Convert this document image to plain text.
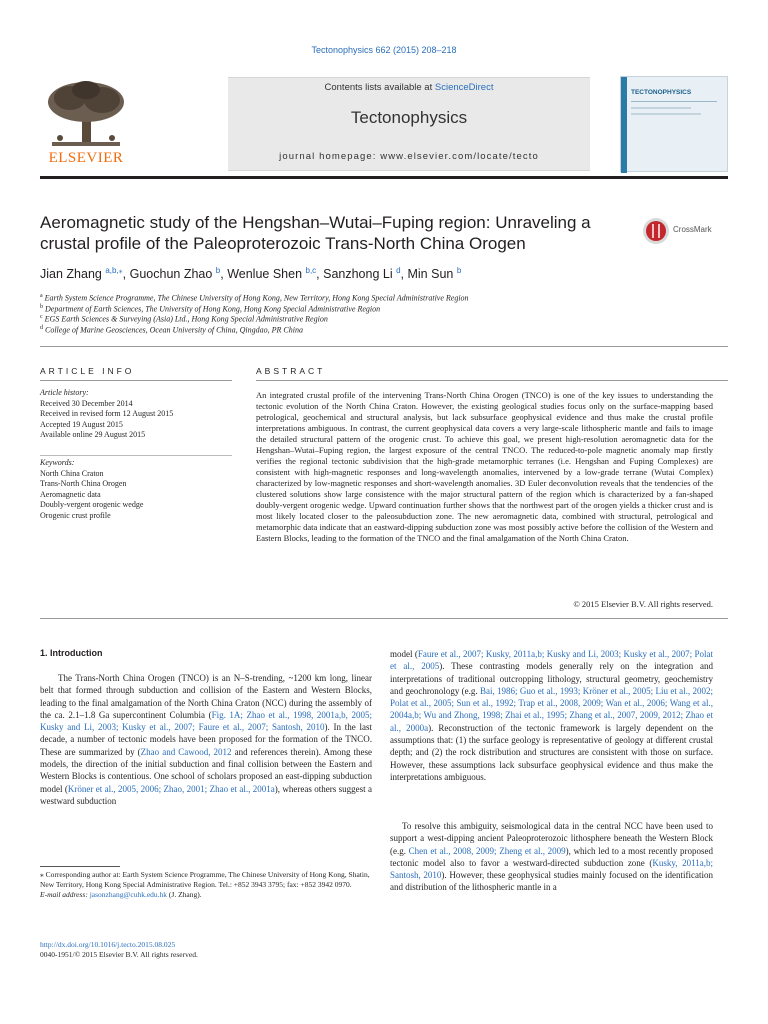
Tectonophysics 662 (2015) 208–218
ELSEVIER
Contents lists available at ScienceDirect
Tectonophysics
journal homepage: www.elsevier.com/locate/tecto
TECTONOPHYSICS
Aeromagnetic study of the Hengshan–Wutai–Fuping region: Unraveling a crustal profile of the Paleoproterozoic Trans-North China Orogen
CrossMark
Jian Zhang $^{a,b,⁎}$, Guochun Zhao $^b$, Wenlue Shen $^{b,c}$, Sanzhong Li $^d$, Min Sun $^b$
$^a$ Earth System Science Programme, The Chinese University of Hong Kong, New Territory, Hong Kong Special Administrative Region
$^b$ Department of Earth Sciences, The University of Hong Kong, Hong Kong Special Administrative Region
$^c$ EGS Earth Sciences & Surveying (Asia) Ltd., Hong Kong Special Administrative Region
$^d$ College of Marine Geosciences, Ocean University of China, Qingdao, PR China
ARTICLE INFO
Article history:
Received 30 December 2014
Received in revised form 12 August 2015
Accepted 19 August 2015
Available online 29 August 2015
Keywords:
North China Craton
Trans-North China Orogen
Aeromagnetic data
Doubly-vergent orogenic wedge
Orogenic crust profile
ABSTRACT
An integrated crustal profile of the intervening Trans-North China Orogen (TNCO) is one of the key issues to understanding the tectonic evolution of the North China Craton. However, the existing geological studies focus only on the surface-mapping based petrological, geochemical and structural analysis, but lack subsurface geophysical evidence and thus make the crustal profile interpretations ambiguous. In contrast, the current geophysical data covers a very large-scale lithospheric mantle and fails to image the detailed structural pattern of the orogenic crust. To achieve this goal, we present high-resolution aeromagnetic data for the Hengshan–Wutai–Fuping region, the largest exposure of the central TNCO. The reduced-to-pole magnetic anomaly map firstly verifies the regional tectonic subdivision that the high-grade metamorphic terranes (i.e. Hengshan and Fuping Complexes) are consistent with high-magnetic responses and long-wavelength anomalies, intervened by a low-grade terrane (Wutai Complex) characterized by low-magnetic responses and short-wavelength anomalies. 3D Euler deconvolution reveals that the tendencies of the clustered solutions show large consistence with the major structural pattern of the region which is characterized by a fan-shaped doubly-vergent orogenic wedge. Upward continuation further shows that the northwest part of the orogen yields a thicker crust and is most likely located closer to the paleosubduction zone. The new aeromagnetic data, combined with structural, petrological and metamorphic data indicate that an eastward-dipping subduction zone was most possibly active before the collision of the Western and Eastern Blocks, leading to the formation of the TNCO and the final amalgamation of the North China Craton.
© 2015 Elsevier B.V. All rights reserved.
1. Introduction
The Trans-North China Orogen (TNCO) is an N–S-trending, ~1200 km long, linear belt that formed through subduction and collision of the Eastern and Western Blocks, leading to the final amalgamation of the North China Craton (NCC) during the assembly of the ca. 2.1–1.8 Ga supercontinent Columbia (Fig. 1A; Zhao et al., 1998, 2001a,b, 2005; Kusky and Li, 2003; Kusky et al., 2007; Faure et al., 2007; Santosh, 2010). In the last decade, a number of tectonic models have been proposed for the formation of the TNCO. These are summarized by (Zhao and Cawood, 2012 and references therein). Among these models, the direction of the initial subduction and final collision between the Eastern and Western Blocks is contentious. One school of scholars proposed an east-dipping subduction model (Kröner et al., 2005, 2006; Zhao, 2001; Zhao et al., 2001a), whereas others suggest a westward subduction
model (Faure et al., 2007; Kusky, 2011a,b; Kusky and Li, 2003; Kusky et al., 2007; Polat et al., 2005). These contrasting models generally rely on the integration and interpretations of traditional outcropping lithology, structural geometry, geochemistry and geochronology (e.g. Bai, 1986; Guo et al., 1993; Kröner et al., 2005; Liu et al., 2002; Polat et al., 2005; Sun et al., 1992; Trap et al., 2008, 2009; Wan et al., 2006; Wang et al., 2004a,b; Wu and Zhong, 1998; Zhai et al., 1995; Zhang et al., 2007, 2009, 2012; Zhao et al., 2000a). Reconstruction of the tectonic framework is largely dependent on the assumptions that: (1) the surface geology is representative of geology at different crustal depth; and (2) the rock distribution and structures are consistent with those on surface. However, these assumptions lack subsurface geophysical evidence and thus make the interpretations ambiguous.
To resolve this ambiguity, seismological data in the central NCC have been used to support a west-dipping ancient Paleoproterozoic lithosphere beneath the Western Block (e.g. Chen et al., 2008, 2009; Zheng et al., 2009), which led to a most recently proposed tectonic model also to favor a westward-directed subduction zone (Kusky, 2011a,b; Santosh, 2010). However, these geophysical studies mainly focused on the identification and distribution of the lithospheric mantle in a
⁎ Corresponding author at: Earth System Science Programme, The Chinese University of Hong Kong, Shatin, New Territory, Hong Kong Special Administrative Region. Tel.: +852 3943 3795; fax: +852 3942 0970.
E-mail address: jasonzhang@cuhk.edu.hk (J. Zhang).
http://dx.doi.org/10.1016/j.tecto.2015.08.025
0040-1951/© 2015 Elsevier B.V. All rights reserved.
